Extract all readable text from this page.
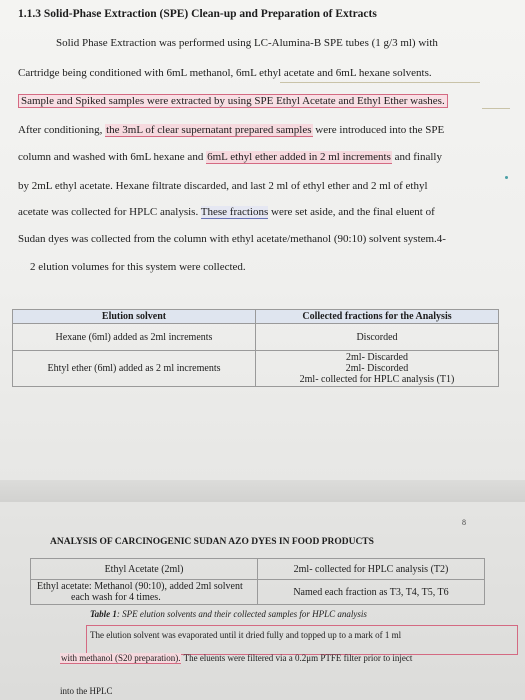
1.1.3 Solid-Phase Extraction (SPE) Clean-up and Preparation of Extracts
Solid Phase Extraction was performed using LC-Alumina-B SPE tubes (1 g/3 ml) with
Cartridge being conditioned with 6mL methanol, 6mL ethyl acetate and 6mL hexane solvents.
Sample and Spiked samples were extracted by using SPE Ethyl Acetate and Ethyl Ether washes.
After conditioning, the 3mL of clear supernatant prepared samples were introduced into the SPE
column and washed with 6mL hexane and 6mL ethyl ether added in 2 ml increments and finally
by 2mL ethyl acetate. Hexane filtrate discarded, and last 2 ml of ethyl ether and 2 ml of ethyl
acetate was collected for HPLC analysis. These fractions were set aside, and the final eluent of
Sudan dyes was collected from the column with ethyl acetate/methanol (90:10) solvent system.4-
2 elution volumes for this system were collected.
Elution solvent	Collected fractions for the Analysis
Hexane (6ml) added as 2ml increments	Discorded
Ehtyl ether (6ml) added as 2 ml increments	2ml- Discarded
2ml- Discorded
2ml- collected for HPLC analysis (T1)
8
ANALYSIS OF CARCINOGENIC SUDAN AZO DYES IN FOOD PRODUCTS
Ethyl Acetate (2ml)	2ml- collected for HPLC analysis (T2)

Ethyl acetate: Methanol (90:10), added 2ml solvent
each wash for 4 times.	Named each fraction as T3, T4, T5, T6
Table 1: SPE elution solvents and their collected samples for HPLC analysis
The elution solvent was evaporated until it dried fully and topped up to a mark of 1 ml
with methanol (S20 preparation). The eluents were filtered via a 0.2μm PTFE filter prior to inject
into the HPLC
